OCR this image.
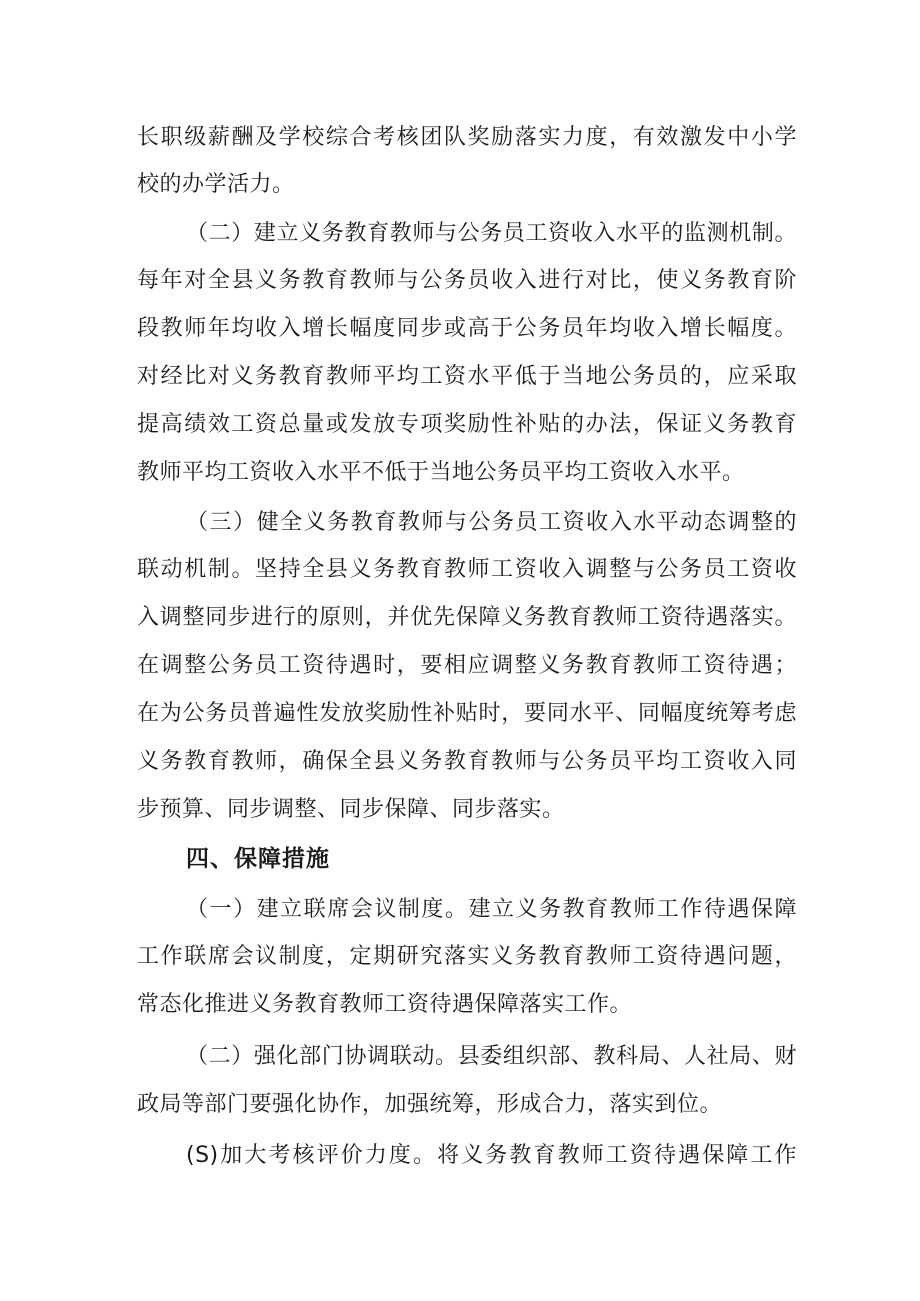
长职级薪酬及学校综合考核团队奖励落实力度，有效激发中小学
校的办学活力。
（二）建立义务教育教师与公务员工资收入水平的监测机制。
每年对全县义务教育教师与公务员收入进行对比，使义务教育阶
段教师年均收入增长幅度同步或高于公务员年均收入增长幅度。
对经比对义务教育教师平均工资水平低于当地公务员的，应采取
提高绩效工资总量或发放专项奖励性补贴的办法，保证义务教育
教师平均工资收入水平不低于当地公务员平均工资收入水平。
（三）健全义务教育教师与公务员工资收入水平动态调整的
联动机制。坚持全县义务教育教师工资收入调整与公务员工资收
入调整同步进行的原则，并优先保障义务教育教师工资待遇落实。
在调整公务员工资待遇时，要相应调整义务教育教师工资待遇；
在为公务员普遍性发放奖励性补贴时，要同水平、同幅度统筹考虑
义务教育教师，确保全县义务教育教师与公务员平均工资收入同
步预算、同步调整、同步保障、同步落实。
四、保障措施
（一）建立联席会议制度。建立义务教育教师工作待遇保障
工作联席会议制度，定期研究落实义务教育教师工资待遇问题，
常态化推进义务教育教师工资待遇保障落实工作。
（二）强化部门协调联动。县委组织部、教科局、人社局、财
政局等部门要强化协作，加强统筹，形成合力，落实到位。
(S)加大考核评价力度。将义务教育教师工资待遇保障工作
